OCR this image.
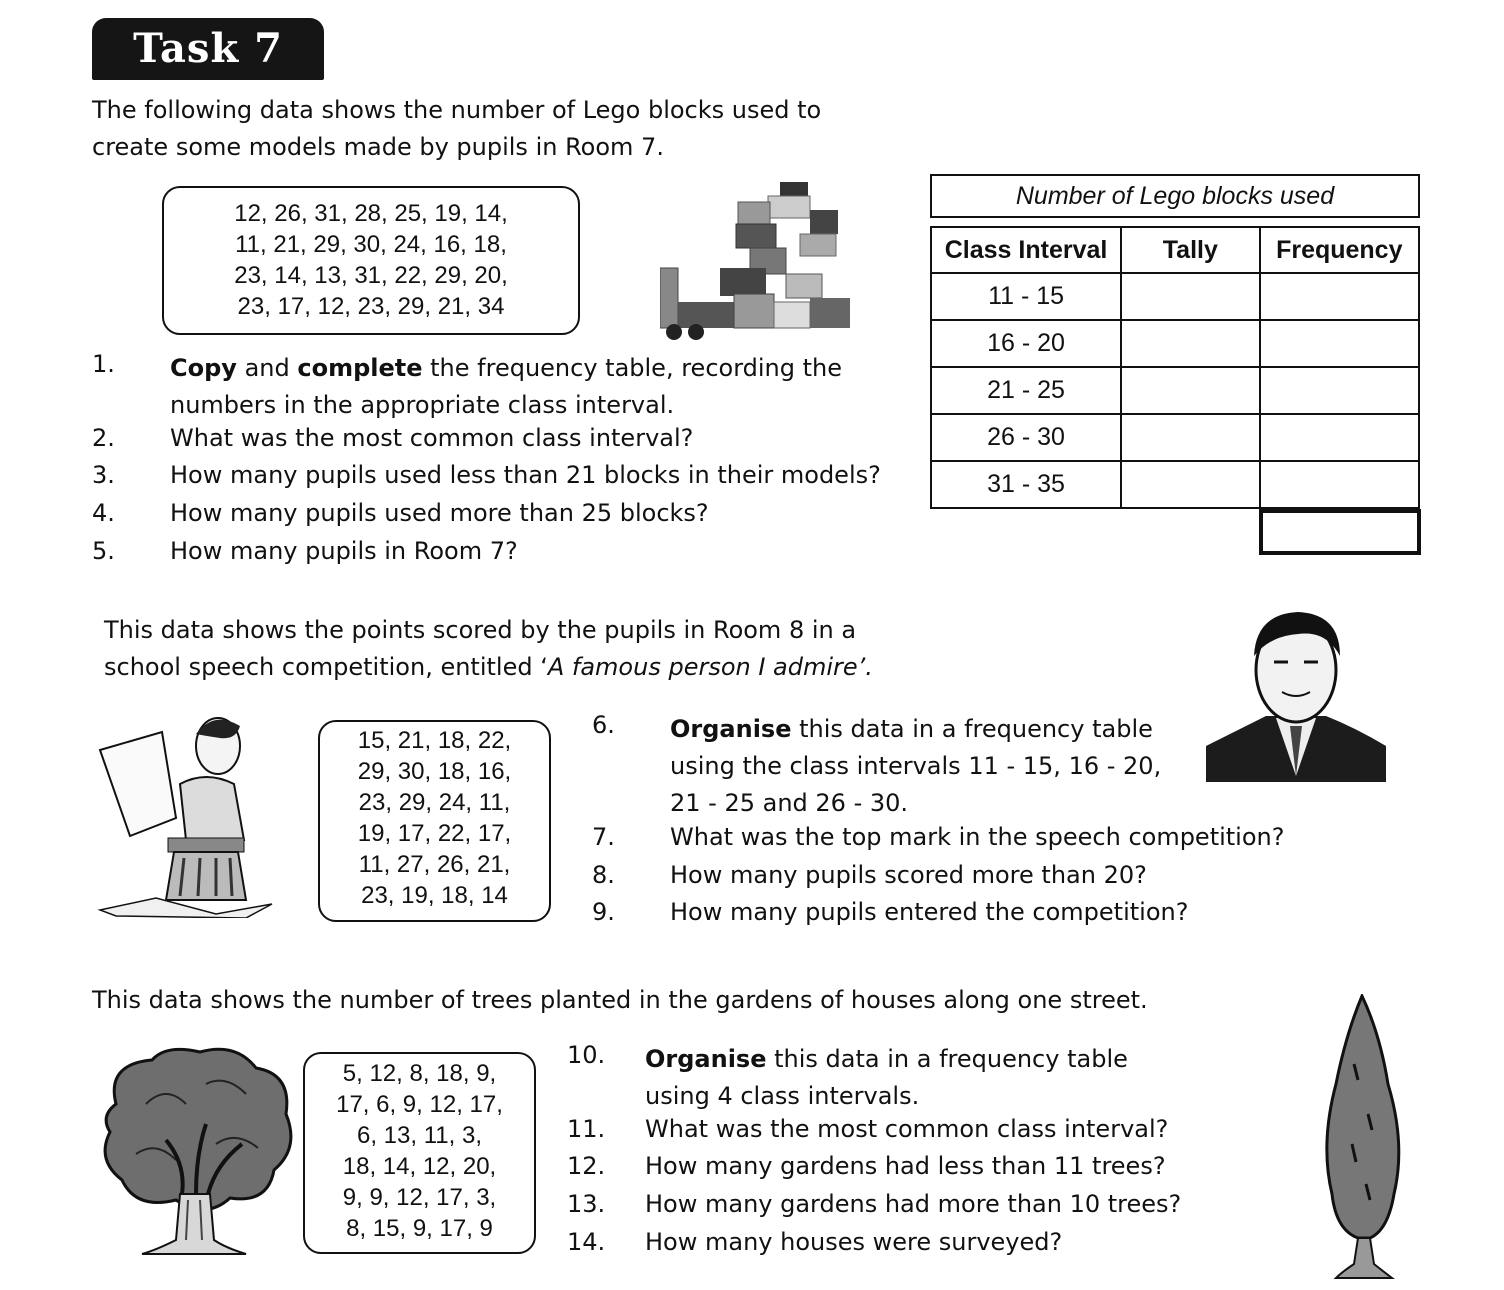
Task 7

The following data shows the number of Lego blocks used to

create some models made by pupils in Room 7.

12, 26, 31, 28, 25, 19, 14,
11, 21, 29, 30, 24, 16, 18,
23, 14, 13, 31, 22, 29, 20,
23, 17, 12, 23, 29, 21, 34
Number of Lego blocks used
Class Interval	Tally	Frequency
11 - 15		
16 - 20		
21 - 25		
26 - 30		
31 - 35		
1. Copy and complete the frequency table, recording the
numbers in the appropriate class interval.
2. What was the most common class interval?
3. How many pupils used less than 21 blocks in their models?
4. How many pupils used more than 25 blocks?
5. How many pupils in Room 7?

This data shows the points scored by the pupils in Room 8 in a

school speech competition, entitled ‘A famous person I admire’.

15, 21, 18, 22,
29, 30, 18, 16,
23, 29, 24, 11,
19, 17, 22, 17,
11, 27, 26, 21,
23, 19, 18, 14
6. Organise this data in a frequency table
using the class intervals 11 - 15, 16 - 20,
21 - 25 and 26 - 30.
7. What was the top mark in the speech competition?
8. How many pupils scored more than 20?
9. How many pupils entered the competition?

This data shows the number of trees planted in the gardens of houses along one street.

5, 12, 8, 18, 9,
17, 6, 9, 12, 17,
6, 13, 11, 3,
18, 14, 12, 20,
9, 9, 12, 17, 3,
8, 15, 9, 17, 9
10. Organise this data in a frequency table
using 4 class intervals.
11. What was the most common class interval?
12. How many gardens had less than 11 trees?
13. How many gardens had more than 10 trees?
14. How many houses were surveyed?
